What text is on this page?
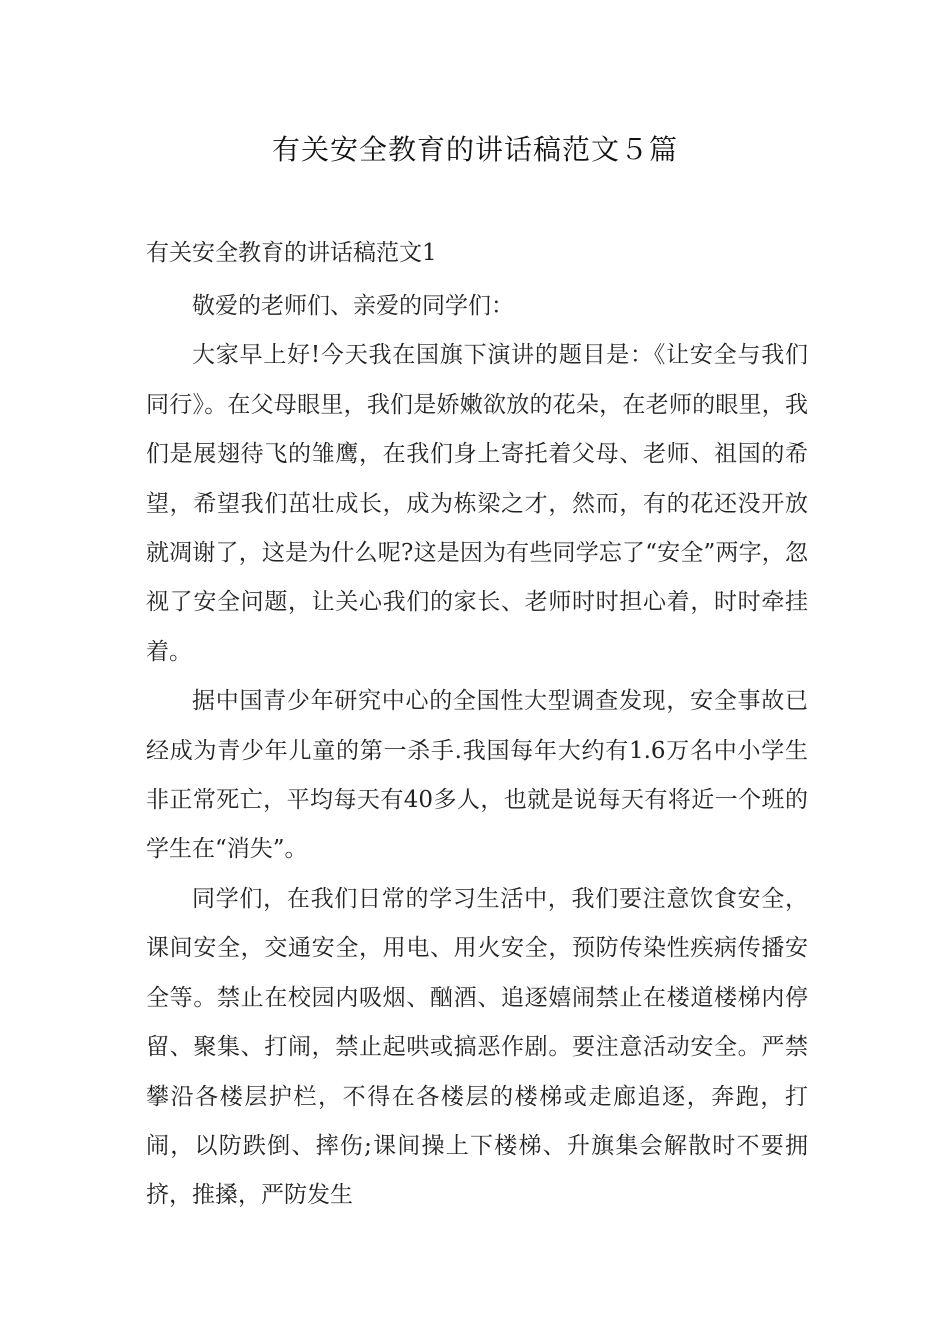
有关安全教育的讲话稿范文５篇
有关安全教育的讲话稿范文1

敬爱的老师们、亲爱的同学们：

大家早上好!今天我在国旗下演讲的题目是：《让安全与我们同行》。在父母眼里，我们是娇嫩欲放的花朵，在老师的眼里，我们是展翅待飞的雏鹰，在我们身上寄托着父母、老师、祖国的希望，希望我们茁壮成长，成为栋梁之才，然而，有的花还没开放就凋谢了，这是为什么呢?这是因为有些同学忘了“安全”两字，忽视了安全问题，让关心我们的家长、老师时时担心着，时时牵挂着。

据中国青少年研究中心的全国性大型调查发现，安全事故已经成为青少年儿童的第一杀手.我国每年大约有1.6万名中小学生非正常死亡，平均每天有40多人，也就是说每天有将近一个班的学生在“消失”。

同学们，在我们日常的学习生活中，我们要注意饮食安全，课间安全，交通安全，用电、用火安全，预防传染性疾病传播安全等。禁止在校园内吸烟、酗酒、追逐嬉闹禁止在楼道楼梯内停留、聚集、打闹，禁止起哄或搞恶作剧。要注意活动安全。严禁攀沿各楼层护栏，不得在各楼层的楼梯或走廊追逐，奔跑，打闹，以防跌倒、摔伤;课间操上下楼梯、升旗集会解散时不要拥挤，推搡，严防发生
